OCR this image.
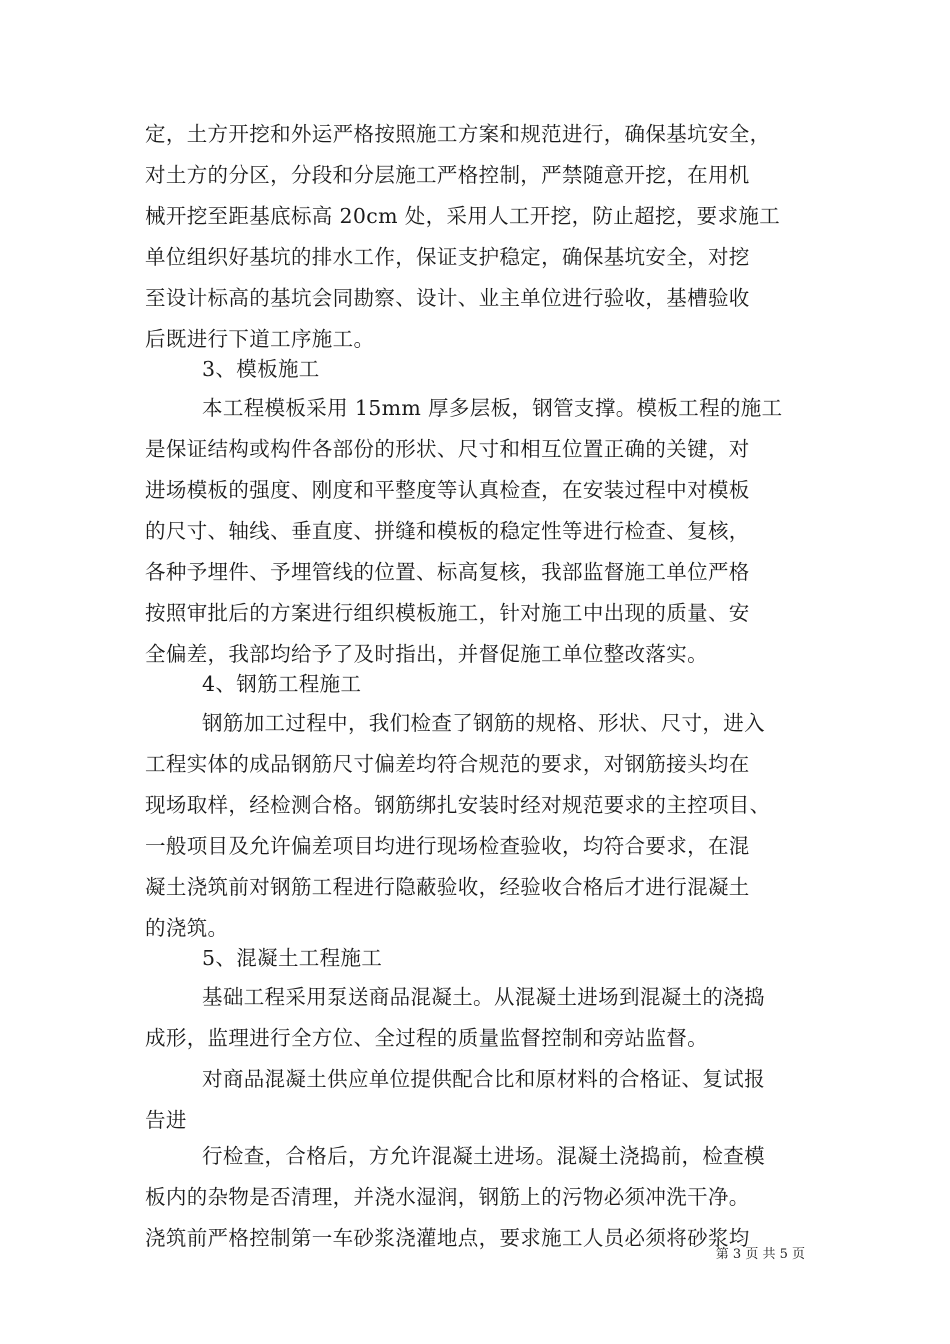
定，土方开挖和外运严格按照施工方案和规范进行，确保基坑安全，
对土方的分区，分段和分层施工严格控制，严禁随意开挖，在用机
械开挖至距基底标高 20cm 处，采用人工开挖，防止超挖，要求施工
单位组织好基坑的排水工作，保证支护稳定，确保基坑安全，对挖
至设计标高的基坑会同勘察、设计、业主单位进行验收，基槽验收
后既进行下道工序施工。
3、模板施工
本工程模板采用 15mm 厚多层板，钢管支撑。模板工程的施工
是保证结构或构件各部份的形状、尺寸和相互位置正确的关键，对
进场模板的强度、刚度和平整度等认真检查，在安装过程中对模板
的尺寸、轴线、垂直度、拼缝和模板的稳定性等进行检查、复核，
各种予埋件、予埋管线的位置、标高复核，我部监督施工单位严格
按照审批后的方案进行组织模板施工，针对施工中出现的质量、安
全偏差，我部均给予了及时指出，并督促施工单位整改落实。
4、钢筋工程施工
钢筋加工过程中，我们检查了钢筋的规格、形状、尺寸，进入
工程实体的成品钢筋尺寸偏差均符合规范的要求，对钢筋接头均在
现场取样，经检测合格。钢筋绑扎安装时经对规范要求的主控项目、
一般项目及允许偏差项目均进行现场检查验收，均符合要求，在混
凝土浇筑前对钢筋工程进行隐蔽验收，经验收合格后才进行混凝土
的浇筑。
5、混凝土工程施工
基础工程采用泵送商品混凝土。从混凝土进场到混凝土的浇捣
成形，监理进行全方位、全过程的质量监督控制和旁站监督。
对商品混凝土供应单位提供配合比和原材料的合格证、复试报
告进
行检查，合格后，方允许混凝土进场。混凝土浇捣前，检查模
板内的杂物是否清理，并浇水湿润，钢筋上的污物必须冲洗干净。
浇筑前严格控制第一车砂浆浇灌地点，要求施工人员必须将砂浆均
第 3 页 共 5 页
